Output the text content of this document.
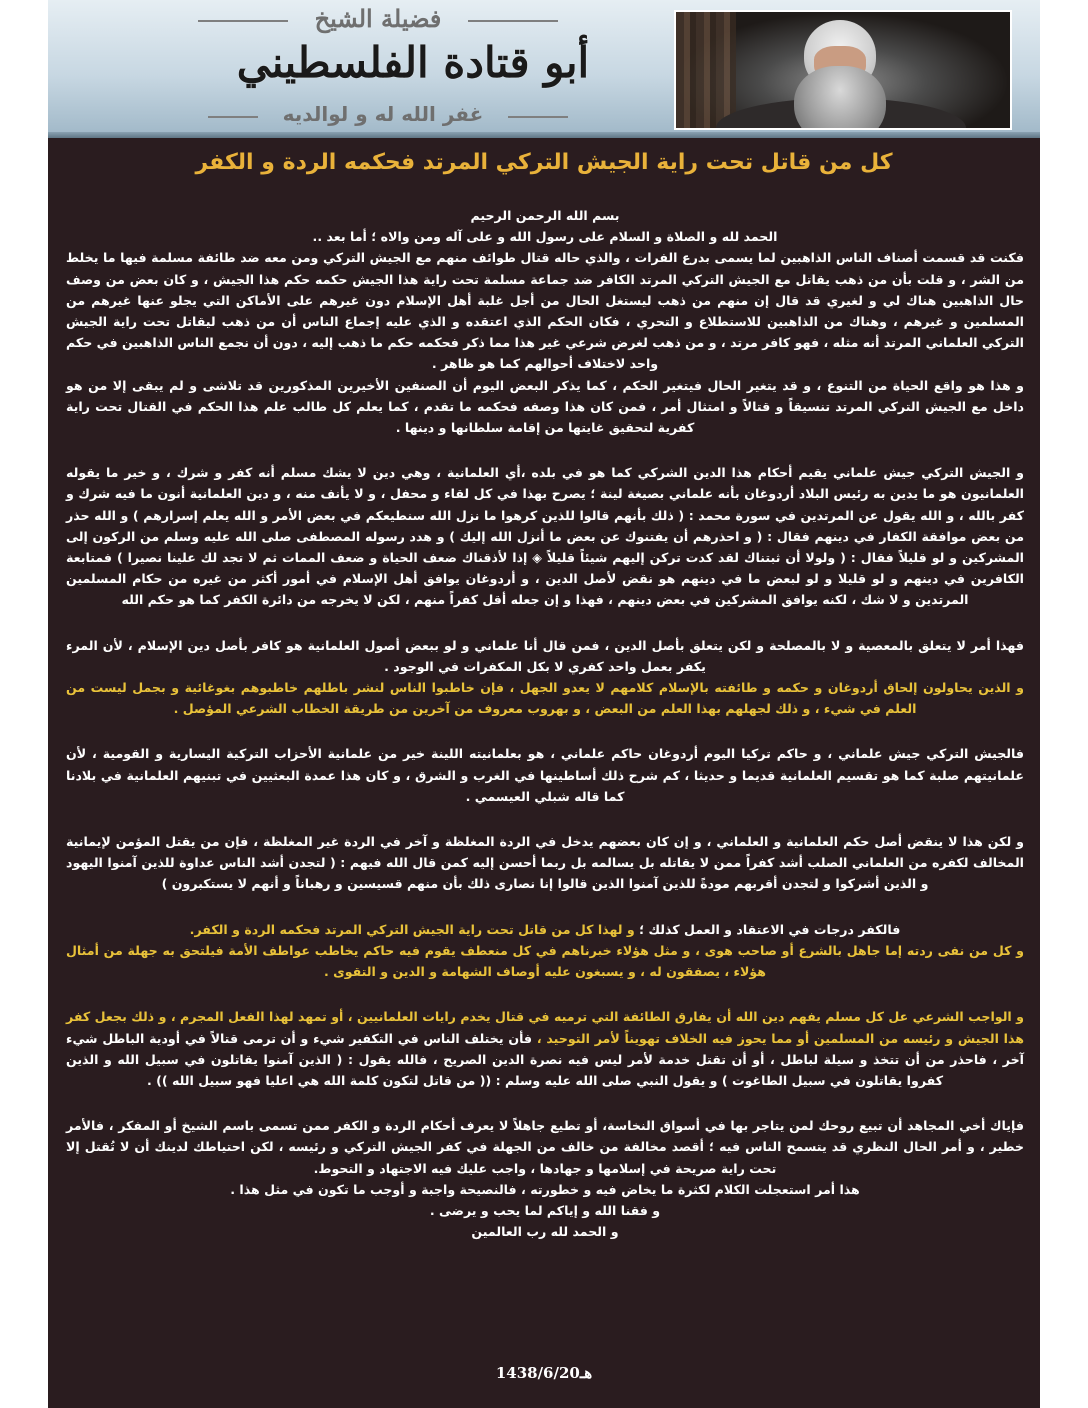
فضيلة الشيخ
أبو قتادة الفلسطيني
غفر الله له و لوالديه
كل من قاتل تحت راية الجيش التركي المرتد فحكمه الردة و الكفر

بسم الله الرحمن الرحيم

الحمد لله و الصلاة و السلام على رسول الله و على آله ومن والاه ؛ أما بعد ..

فكنت قد قسمت أصناف الناس الذاهبين لما يسمى بدرع الفرات ، والذي حاله قتال طوائف منهم مع الجيش التركي ومن معه ضد طائفة مسلمة فيها ما يخلط من الشر ، و قلت بأن من ذهب يقاتل مع الجيش التركي المرتد الكافر ضد جماعة مسلمة تحت راية هذا الجيش حكمه حكم هذا الجيش ، و كان بعض من وصف حال الذاهبين هناك لي و لغيري قد قال إن منهم من ذهب ليستغل الحال من أجل غلبة أهل الإسلام دون غيرهم على الأماكن التي يجلو عنها غيرهم من المسلمين و غيرهم ، وهناك من الذاهبين للاستطلاع و التحري ، فكان الحكم الذي اعتقده و الذي عليه إجماع الناس أن من ذهب ليقاتل تحت راية الجيش التركي العلماني المرتد أنه مثله ، فهو كافر مرتد ، و من ذهب لغرض شرعي غير هذا مما ذكر فحكمه حكم ما ذهب إليه ، دون أن نجمع الناس الذاهبين في حكم واحد لاختلاف أحوالهم كما هو ظاهر .

و هذا هو واقع الحياة من التنوع ، و قد يتغير الحال فيتغير الحكم ، كما يذكر البعض اليوم أن الصنفين الأخيرين المذكورين قد تلاشى و لم يبقى إلا من هو داخل مع الجيش التركي المرتد تنسيقاً و قتالاً و امتثال أمر ، فمن كان هذا وصفه فحكمه ما تقدم ، كما يعلم كل طالب علم هذا الحكم في القتال تحت راية كفرية لتحقيق غايتها من إقامة سلطانها و دينها .

و الجيش التركي جيش علماني يقيم أحكام هذا الدين الشركي كما هو في بلده ،أي العلمانية ، وهي دين لا يشك مسلم أنه كفر و شرك ، و خير ما يقوله العلمانيون هو ما يدين به رئيس البلاد أردوغان بأنه علماني بصيغة لينة ؛ يصرح بهذا في كل لقاء و محفل ، و لا يأنف منه ، و دين العلمانية أنون ما فيه شرك و كفر بالله ، و الله يقول عن المرتدين في سورة محمد : ( ذلك بأنهم قالوا للذين كرهوا ما نزل الله سنطيعكم في بعض الأمر و الله يعلم إسرارهم ) و الله حذر من بعض موافقة الكفار في دينهم فقال : ( و احذرهم أن يفتنوك عن بعض ما أنزل الله إليك ) و هدد رسوله المصطفى صلى الله عليه وسلم من الركون إلى المشركين و لو قليلاً فقال : ( ولولا أن ثبتناك لقد كدت تركن إليهم شيئاً قليلاً ◈ إذا لأذقناك ضعف الحياة و ضعف الممات ثم لا تجد لك علينا نصيرا ) فمتابعة الكافرين في دينهم و لو قليلا و لو لبعض ما في دينهم هو نقض لأصل الدين ، و أردوغان يوافق أهل الإسلام في أمور أكثر من غيره من حكام المسلمين المرتدين و لا شك ، لكنه يوافق المشركين في بعض دينهم ، فهذا و إن جعله أقل كفراً منهم ، لكن لا يخرجه من دائرة الكفر كما هو حكم الله

فهذا أمر لا يتعلق بالمعصية و لا بالمصلحة و لكن يتعلق بأصل الدين ، فمن قال أنا علماني و لو ببعض أصول العلمانية هو كافر بأصل دين الإسلام ، لأن المرء يكفر بعمل واحد كفري لا بكل المكفرات في الوجود .

و الذين يحاولون إلحاق أردوغان و حكمه و طائفته بالإسلام كلامهم لا يعدو الجهل ، فإن خاطبوا الناس لنشر باطلهم خاطبوهم بغوغائية و بجمل ليست من العلم في شيء ، و ذلك لجهلهم بهذا العلم من البعض ، و بهروب معروف من آخرين من طريقة الخطاب الشرعي المؤصل .

فالجيش التركي جيش علماني ، و حاكم تركيا اليوم أردوغان حاكم علماني ، هو بعلمانيته اللينة خير من علمانية الأحزاب التركية اليسارية و القومية ، لأن علمانيتهم صلبة كما هو تقسيم العلمانية قديما و حديثا ، كم شرح ذلك أساطينها في الغرب و الشرق ، و كان هذا عمدة البعثيين في تبنيهم العلمانية في بلادنا كما قاله شبلي العيسمي .

و لكن هذا لا ينقض أصل حكم العلمانية و العلماني ، و إن كان بعضهم يدخل في الردة المغلظة و آخر في الردة غير المغلظة ، فإن من يقتل المؤمن لإيمانية المخالف لكفره من العلماني الصلب أشد كفراً ممن لا يقاتله بل يسالمه بل ربما أحسن إليه كمن قال الله فيهم : ( لتجدن أشد الناس عداوة للذين آمنوا اليهود و الذين أشركوا و لتجدن أقربهم مودةً للذين آمنوا الذين قالوا إنا نصارى ذلك بأن منهم قسيسين و رهباناً و أنهم لا يستكبرون )

فالكفر درجات في الاعتقاد و العمل كذلك ؛ و لهذا كل من قاتل تحت راية الجيش التركي المرتد فحكمه الردة و الكفر.

و كل من نفى ردته إما جاهل بالشرع أو صاحب هوى ، و مثل هؤلاء خبرناهم في كل منعطف يقوم فيه حاكم يخاطب عواطف الأمة فيلتحق به جهلة من أمثال هؤلاء ، يصفقون له ، و يسبغون عليه أوصاف الشهامة و الدين و التقوى .

و الواجب الشرعي عل كل مسلم يفهم دين الله أن يفارق الطائفة التي ترميه في قتال يخدم رايات العلمانيين ، أو تمهد لهذا الفعل المجرم ، و ذلك بجعل كفر هذا الجيش و رئيسه من المسلمين أو مما يحوز فيه الخلاف تهويناً لأمر التوحيد ، فأن يختلف الناس في التكفير شيء و أن ترمى قتالاً في أودية الباطل شيء آخر ، فاحذر من أن تتخذ و سيلة لباطل ، أو أن تقتل خدمة لأمر ليس فيه نصرة الدين الصريح ، فالله يقول : ( الذين آمنوا يقاتلون في سبيل الله و الذين كفروا يقاتلون في سبيل الطاغوت ) و يقول النبي صلى الله عليه وسلم : (( من قاتل لتكون كلمة الله هي اعليا فهو سبيل الله )) .

فإياك أخي المجاهد أن تبيع روحك لمن يتاجر بها في أسواق النخاسة، أو تطيع جاهلاً لا يعرف أحكام الردة و الكفر ممن تسمى باسم الشيخ أو المفكر ، فالأمر خطير ، و أمر الحال النظري قد يتسمح الناس فيه ؛ أقصد مخالفة من خالف من الجهلة في كفر الجيش التركي و رئيسه ، لكن احتياطك لدينك أن لا تُقتل إلا تحت راية صريحة في إسلامها و جهادها ، واجب عليك فيه الاجتهاد و التحوط.

هذا أمر استعجلت الكلام لكثرة ما يخاض فيه و خطورته ، فالنصيحة واجبة و أوجب ما تكون في مثل هذا .

و فقنا الله و إياكم لما يحب و يرضى .

و الحمد لله رب العالمين

1438/6/20هـ
